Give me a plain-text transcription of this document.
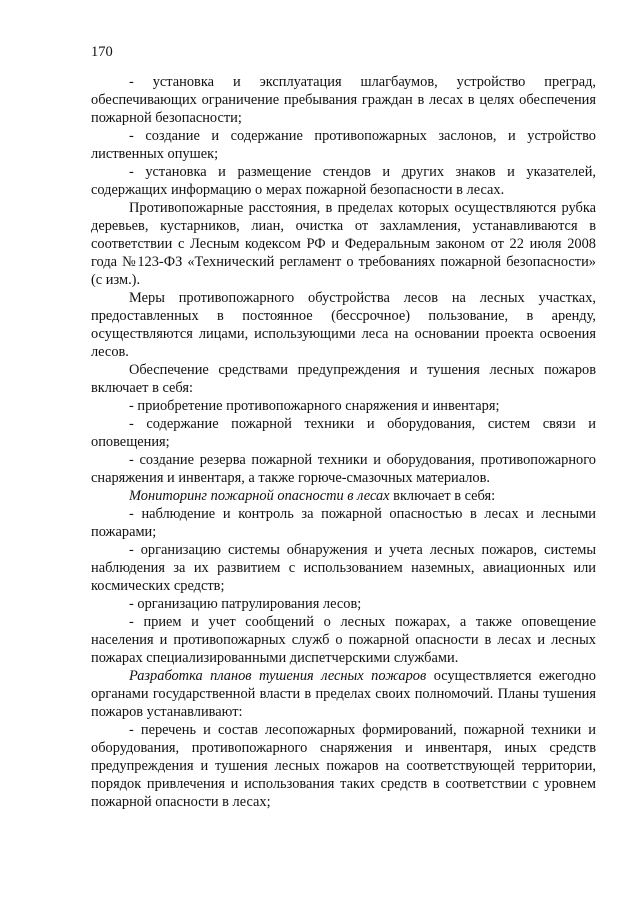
170

- установка и эксплуатация шлагбаумов, устройство преград, обеспечивающих ограничение пребывания граждан в лесах в целях обеспечения пожарной безопасности;

- создание и содержание противопожарных заслонов, и устройство лиственных опушек;

- установка и размещение стендов и других знаков и указателей, содержащих информацию о мерах пожарной безопасности в лесах.

Противопожарные расстояния, в пределах которых осуществляются рубка деревьев, кустарников, лиан, очистка от захламления, устанавливаются в соответствии с Лесным кодексом РФ и Федеральным законом от 22 июля 2008 года №123-ФЗ «Технический регламент о требованиях пожарной безопасности» (с изм.).

Меры противопожарного обустройства лесов на лесных участках, предоставленных в постоянное (бессрочное) пользование, в аренду, осуществляются лицами, использующими леса на основании проекта освоения лесов.

Обеспечение средствами предупреждения и тушения лесных пожаров включает в себя:

- приобретение противопожарного снаряжения и инвентаря;

- содержание пожарной техники и оборудования, систем связи и оповещения;

- создание резерва пожарной техники и оборудования, противопожарного снаряжения и инвентаря, а также горюче-смазочных материалов.

Мониторинг пожарной опасности в лесах включает в себя:

- наблюдение и контроль за пожарной опасностью в лесах и лесными пожарами;

- организацию системы обнаружения и учета лесных пожаров, системы наблюдения за их развитием с использованием наземных, авиационных или космических средств;

- организацию патрулирования лесов;

- прием и учет сообщений о лесных пожарах, а также оповещение населения и противопожарных служб о пожарной опасности в лесах и лесных пожарах специализированными диспетчерскими службами.

Разработка планов тушения лесных пожаров осуществляется ежегодно органами государственной власти в пределах своих полномочий. Планы тушения пожаров устанавливают:

- перечень и состав лесопожарных формирований, пожарной техники и оборудования, противопожарного снаряжения и инвентаря, иных средств предупреждения и тушения лесных пожаров на соответствующей территории, порядок привлечения и использования таких средств в соответствии с уровнем пожарной опасности в лесах;
